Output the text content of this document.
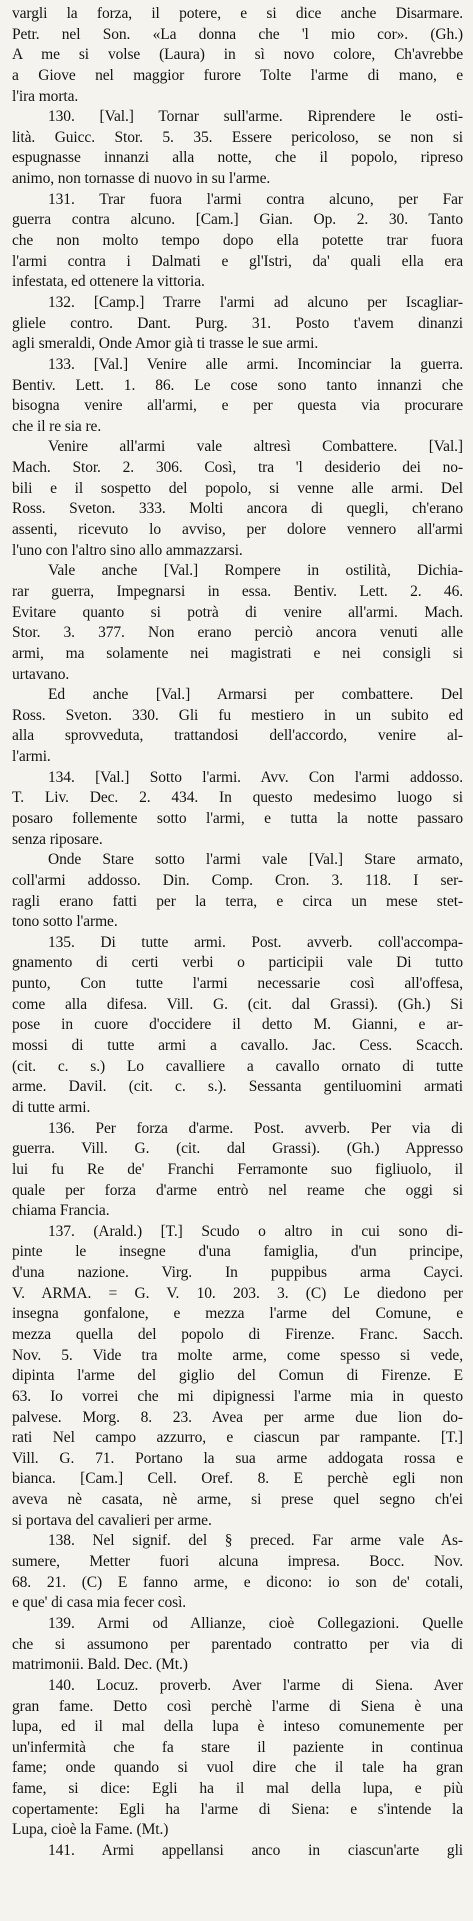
vargli la forza, il potere, e si dice anche Disarmare.
Petr. nel Son. «La donna che 'l mio cor». (Gh.)
A me si volse (Laura) in sì novo colore, Ch'avrebbe
a Giove nel maggior furore Tolte l'arme di mano, e
l'ira morta.
130. [Val.] Tornar sull'arme. Riprendere le osti-
lità. Guicc. Stor. 5. 35. Essere pericoloso, se non si
espugnasse innanzi alla notte, che il popolo, ripreso
animo, non tornasse di nuovo in su l'arme.
131. Trar fuora l'armi contra alcuno, per Far
guerra contra alcuno. [Cam.] Gian. Op. 2. 30. Tanto
che non molto tempo dopo ella potette trar fuora
l'armi contra i Dalmati e gl'Istri, da' quali ella era
infestata, ed ottenere la vittoria.
132. [Camp.] Trarre l'armi ad alcuno per Iscagliar-
gliele contro. Dant. Purg. 31. Posto t'avem dinanzi
agli smeraldi, Onde Amor già ti trasse le sue armi.
133. [Val.] Venire alle armi. Incominciar la guerra.
Bentiv. Lett. 1. 86. Le cose sono tanto innanzi che
bisogna venire all'armi, e per questa via procurare
che il re sia re.
Venire all'armi vale altresì Combattere. [Val.]
Mach. Stor. 2. 306. Così, tra 'l desiderio dei no-
bili e il sospetto del popolo, si venne alle armi. Del
Ross. Sveton. 333. Molti ancora di quegli, ch'erano
assenti, ricevuto lo avviso, per dolore vennero all'armi
l'uno con l'altro sino allo ammazzarsi.
Vale anche [Val.] Rompere in ostilità, Dichia-
rar guerra, Impegnarsi in essa. Bentiv. Lett. 2. 46.
Evitare quanto si potrà di venire all'armi. Mach.
Stor. 3. 377. Non erano perciò ancora venuti alle
armi, ma solamente nei magistrati e nei consigli si
urtavano.
Ed anche [Val.] Armarsi per combattere. Del
Ross. Sveton. 330. Gli fu mestiero in un subito ed
alla sprovveduta, trattandosi dell'accordo, venire al-
l'armi.
134. [Val.] Sotto l'armi. Avv. Con l'armi addosso.
T. Liv. Dec. 2. 434. In questo medesimo luogo si
posaro follemente sotto l'armi, e tutta la notte passaro
senza riposare.
Onde Stare sotto l'armi vale [Val.] Stare armato,
coll'armi addosso. Din. Comp. Cron. 3. 118. I ser-
ragli erano fatti per la terra, e circa un mese stet-
tono sotto l'arme.
135. Di tutte armi. Post. avverb. coll'accompa-
gnamento di certi verbi o participii vale Di tutto
punto, Con tutte l'armi necessarie così all'offesa,
come alla difesa. Vill. G. (cit. dal Grassi). (Gh.) Si
pose in cuore d'occidere il detto M. Gianni, e ar-
mossi di tutte armi a cavallo. Jac. Cess. Scacch.
(cit. c. s.) Lo cavalliere a cavallo ornato di tutte
arme. Davil. (cit. c. s.). Sessanta gentiluomini armati
di tutte armi.
136. Per forza d'arme. Post. avverb. Per via di
guerra. Vill. G. (cit. dal Grassi). (Gh.) Appresso
lui fu Re de' Franchi Ferramonte suo figliuolo, il
quale per forza d'arme entrò nel reame che oggi si
chiama Francia.
137. (Arald.) [T.] Scudo o altro in cui sono di-
pinte le insegne d'una famiglia, d'un principe,
d'una nazione. Virg. In puppibus arma Cayci.
V. ARMA. = G. V. 10. 203. 3. (C) Le diedono per
insegna gonfalone, e mezza l'arme del Comune, e
mezza quella del popolo di Firenze. Franc. Sacch.
Nov. 5. Vide tra molte arme, come spesso si vede,
dipinta l'arme del giglio del Comun di Firenze. E
63. Io vorrei che mi dipignessi l'arme mia in questo
palvese. Morg. 8. 23. Avea per arme due lion do-
rati Nel campo azzurro, e ciascun par rampante. [T.]
Vill. G. 71. Portano la sua arme addogata rossa e
bianca. [Cam.] Cell. Oref. 8. E perchè egli non
aveva nè casata, nè arme, si prese quel segno ch'ei
si portava del cavalieri per arme.
138. Nel signif. del § preced. Far arme vale As-
sumere, Metter fuori alcuna impresa. Bocc. Nov.
68. 21. (C) E fanno arme, e dicono: io son de' cotali,
e que' di casa mia fecer così.
139. Armi od Allianze, cioè Collegazioni. Quelle
che si assumono per parentado contratto per via di
matrimonii. Bald. Dec. (Mt.)
140. Locuz. proverb. Aver l'arme di Siena. Aver
gran fame. Detto così perchè l'arme di Siena è una
lupa, ed il mal della lupa è inteso comunemente per
un'infermità che fa stare il paziente in continua
fame; onde quando si vuol dire che il tale ha gran
fame, si dice: Egli ha il mal della lupa, e più
copertamente: Egli ha l'arme di Siena: e s'intende la
Lupa, cioè la Fame. (Mt.)
141. Armi appellansi anco in ciascun'arte gli
